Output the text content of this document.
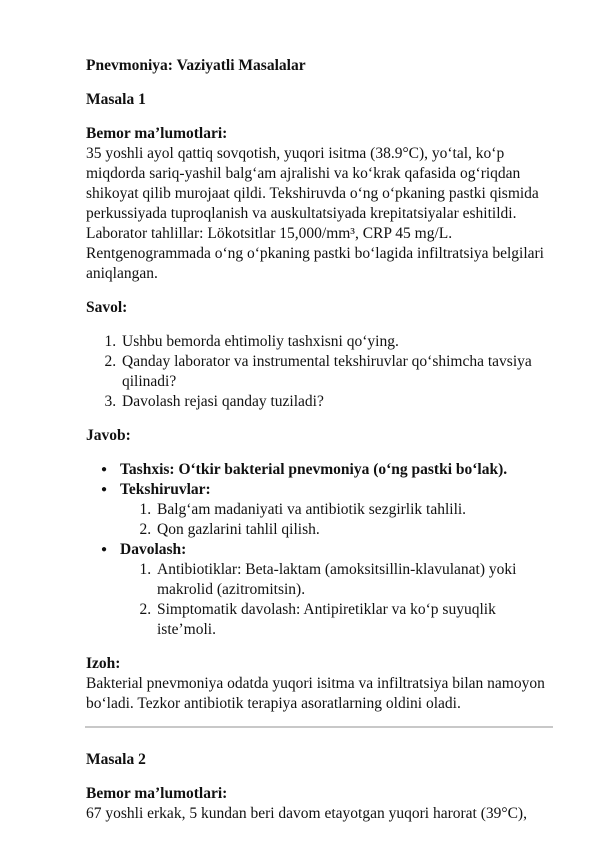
Pnevmoniya: Vaziyatli Masalalar

Masala 1

Bemor ma’lumotlari:

35 yoshli ayol qattiq sovqotish, yuqori isitma (38.9°C), yo‘tal, ko‘p miqdorda sariq-yashil balg‘am ajralishi va ko‘krak qafasida og‘riqdan shikoyat qilib murojaat qildi. Tekshiruvda o‘ng o‘pkaning pastki qismida perkussiyada tuproqlanish va auskultatsiyada krepitatsiyalar eshitildi. Laborator tahlillar: Lökotsitlar 15,000/mm³, CRP 45 mg/L. Rentgenogrammada o‘ng o‘pkaning pastki bo‘lagida infiltratsiya belgilari aniqlangan.

Savol:

1. Ushbu bemorda ehtimoliy tashxisni qo‘ying.
2. Qanday laborator va instrumental tekshiruvlar qo‘shimcha tavsiya qilinadi?
3. Davolash rejasi qanday tuziladi?

Javob:

● Tashxis: O‘tkir bakterial pnevmoniya (o‘ng pastki bo‘lak).
● Tekshiruvlar:
1. Balg‘am madaniyati va antibiotik sezgirlik tahlili.
2. Qon gazlarini tahlil qilish.
● Davolash:
1. Antibiotiklar: Beta-laktam (amoksitsillin-klavulanat) yoki makrolid (azitromitsin).
2. Simptomatik davolash: Antipiretiklar va ko‘p suyuqlik iste’moli.

Izoh:

Bakterial pnevmoniya odatda yuqori isitma va infiltratsiya bilan namoyon bo‘ladi. Tezkor antibiotik terapiya asoratlarning oldini oladi.

Masala 2

Bemor ma’lumotlari:

67 yoshli erkak, 5 kundan beri davom etayotgan yuqori harorat (39°C),
